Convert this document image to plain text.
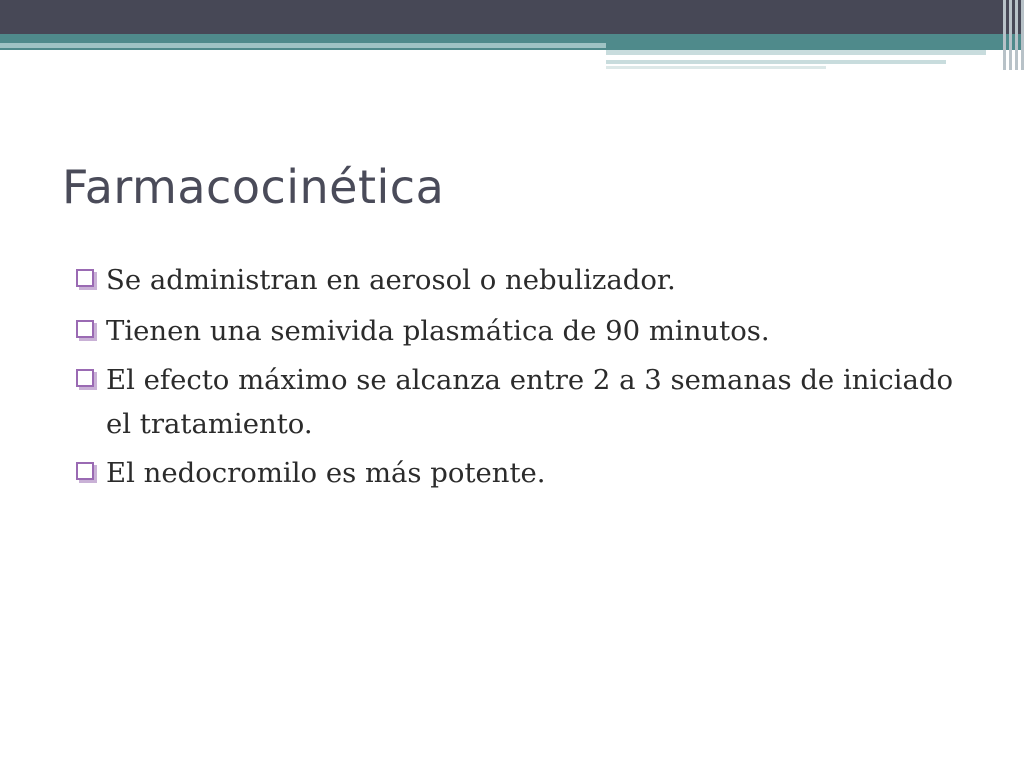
Farmacocinética
Se administran en aerosol o nebulizador.
Tienen una semivida plasmática de 90 minutos.
El efecto máximo se alcanza entre 2 a 3 semanas de iniciado el tratamiento.
El nedocromilo es más potente.
